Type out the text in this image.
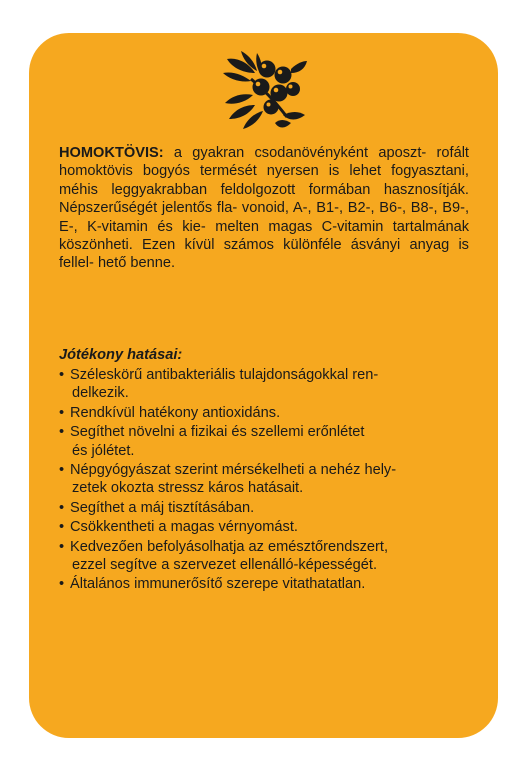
HOMOKTÖVIS: a gyakran csodanövényként aposzt- rofált homoktövis bogyós termését nyersen is lehet fogyasztani, méhis leggyakrabban feldolgozott formában hasznosítják. Népszerűségét jelentős fla- vonoid, A-, B1-, B2-, B6-, B8-, B9-, E-, K-vitamin és kie- melten magas C-vitamin tartalmának köszönheti. Ezen kívül számos különféle ásványi anyag is fellel- hető benne.

Jótékony hatásai:
• Széleskörű antibakteriális tulajdonságokkal ren-
delkezik.
• Rendkívül hatékony antioxidáns.
• Segíthet növelni a fizikai és szellemi erőnlétet
és jólétet.
• Népgyógyászat szerint mérsékelheti a nehéz hely-
zetek okozta stressz káros hatásait.
• Segíthet a máj tisztításában.
• Csökkentheti a magas vérnyomást.
• Kedvezően befolyásolhatja az emésztőrendszert,
ezzel segítve a szervezet ellenálló-képességét.
• Általános immunerősítő szerepe vitathatatlan.
